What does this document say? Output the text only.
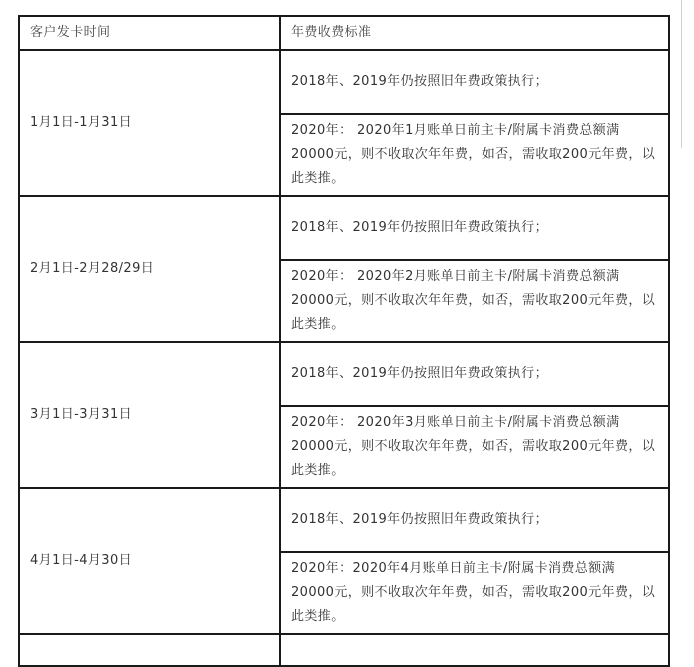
客户发卡时间	年费收费标准
1月1日-1月31日	2018年、2019年仍按照旧年费政策执行；
	2020年： 2020年1月账单日前主卡/附属卡消费总额满20000元，则不收取次年年费，如否，需收取200元年费，以此类推。
2月1日-2月28/29日	2018年、2019年仍按照旧年费政策执行；
	2020年： 2020年2月账单日前主卡/附属卡消费总额满20000元，则不收取次年年费，如否，需收取200元年费，以此类推。
3月1日-3月31日	2018年、2019年仍按照旧年费政策执行；
	2020年： 2020年3月账单日前主卡/附属卡消费总额满20000元，则不收取次年年费，如否，需收取200元年费，以此类推。
4月1日-4月30日	2018年、2019年仍按照旧年费政策执行；
	2020年：2020年4月账单日前主卡/附属卡消费总额满20000元，则不收取次年年费，如否，需收取200元年费，以此类推。
